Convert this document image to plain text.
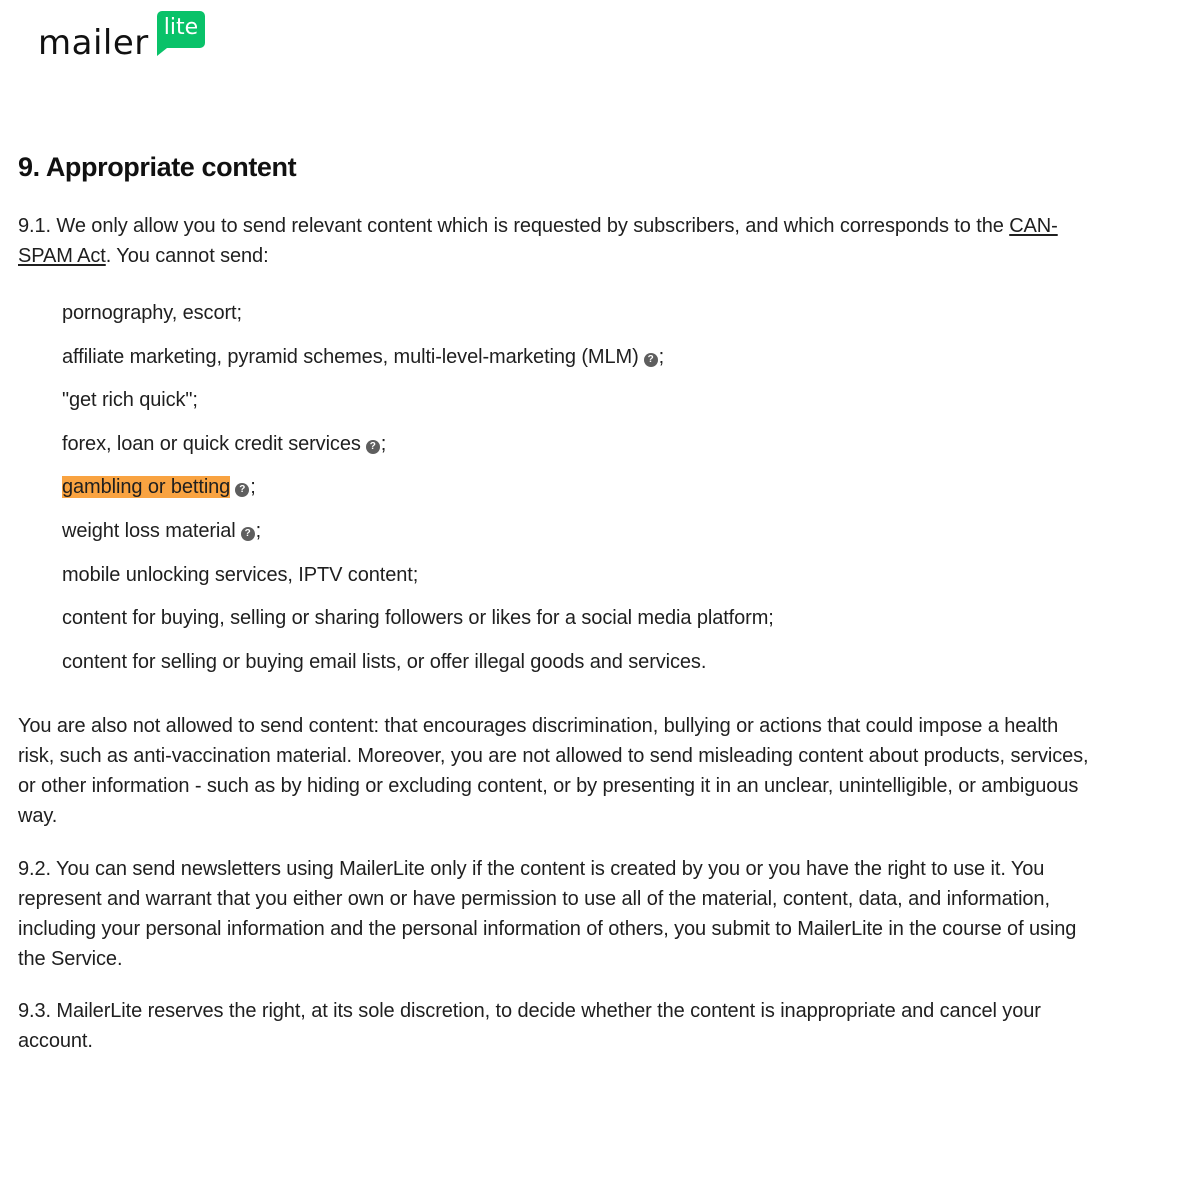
mailer lite
9. Appropriate content

9.1. We only allow you to send relevant content which is requested by subscribers, and which corresponds to the CAN-SPAM Act. You cannot send:

pornography, escort;
affiliate marketing, pyramid schemes, multi-level-marketing (MLM) ? ;
"get rich quick";
forex, loan or quick credit services ? ;
gambling or betting ? ;
weight loss material ? ;
mobile unlocking services, IPTV content;
content for buying, selling or sharing followers or likes for a social media platform;
content for selling or buying email lists, or offer illegal goods and services.

You are also not allowed to send content: that encourages discrimination, bullying or actions that could impose a health risk, such as anti-vaccination material. Moreover, you are not allowed to send misleading content about products, services, or other information - such as by hiding or excluding content, or by presenting it in an unclear, unintelligible, or ambiguous way.

9.2. You can send newsletters using MailerLite only if the content is created by you or you have the right to use it. You represent and warrant that you either own or have permission to use all of the material, content, data, and information, including your personal information and the personal information of others, you submit to MailerLite in the course of using the Service.

9.3. MailerLite reserves the right, at its sole discretion, to decide whether the content is inappropriate and cancel your account.
